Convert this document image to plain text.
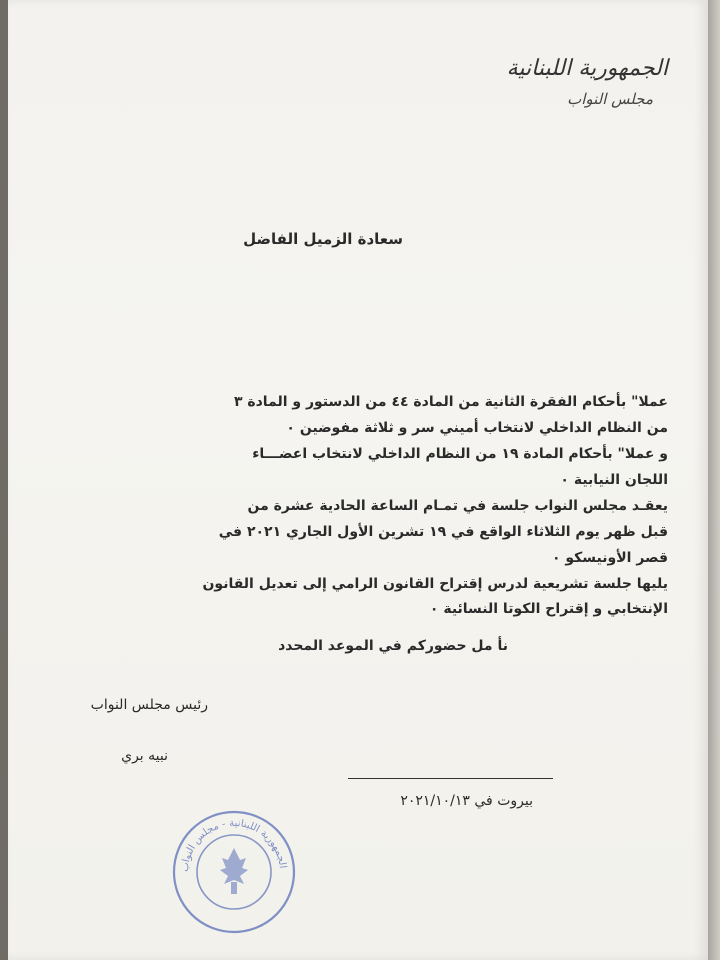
الجمهورية اللبنانية
مجلس النواب
سعادة الزميل الفاضل
عملا" بأحكام الفقرة الثانية من المادة ٤٤ من الدستور و المادة ٣
من النظام الداخلي لانتخاب أميني سر و ثلاثة مفوضين ٠
و عملا" بأحكام المادة ١٩ من النظام الداخلي لانتخاب اعضـــاء
اللجان النيابية ٠
يعقـد مجلس النواب جلسة في تمـام الساعة الحادية عشرة من
قبل ظهر يوم الثلاثاء الواقع في ١٩ تشرين الأول الجاري ٢٠٢١ في
قصر الأونيسكو ٠
يليها جلسة تشريعية لدرس إقتراح القانون الرامي إلى تعديل القانون
الإنتخابي و إقتراح الكوتا النسائية ٠
نأ مل حضوركم في الموعد المحدد
رئيس مجلس النواب
نبيه بري
بيروت في ٢٠٢١/١٠/١٣
الجمهورية اللبنانية - مجلس النواب
